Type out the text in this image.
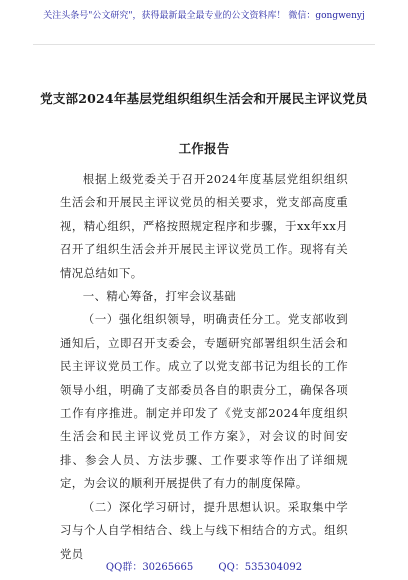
关注头条号"公文研究"，获得最新最全最专业的公文资料库！ 微信：gongwenyj
党支部2024年基层党组织组织生活会和开展民主评议党员
工作报告

根据上级党委关于召开2024年度基层党组织组织生活会和开展民主评议党员的相关要求，党支部高度重视，精心组织，严格按照规定程序和步骤，于xx年xx月召开了组织生活会并开展民主评议党员工作。现将有关情况总结如下。

一、精心筹备，打牢会议基础

（一）强化组织领导，明确责任分工。党支部收到通知后，立即召开支委会，专题研究部署组织生活会和民主评议党员工作。成立了以党支部书记为组长的工作领导小组，明确了支部委员各自的职责分工，确保各项工作有序推进。制定并印发了《党支部2024年度组织生活会和民主评议党员工作方案》，对会议的时间安排、参会人员、方法步骤、工作要求等作出了详细规定，为会议的顺利开展提供了有力的制度保障。

（二）深化学习研讨，提升思想认识。采取集中学习与个人自学相结合、线上与线下相结合的方式。组织党员

QQ群：30265665	QQ：535304092
